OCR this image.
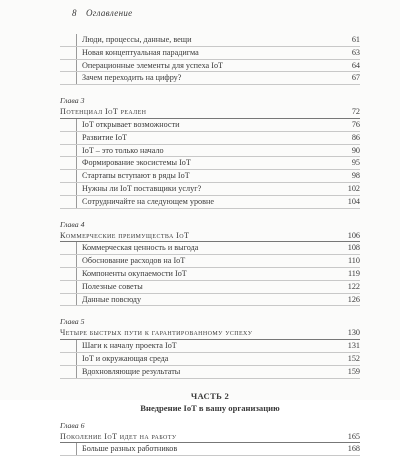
8 Оглавление
Люди, процессы, данные, вещи	61
Новая концептуальная парадигма	63
Операционные элементы для успеха IoT	64
Зачем переходить на цифру?	67
Глава 3
Потенциал IoT реален	72
IoT открывает возможности	76
Развитие IoT	86
IoT – это только начало	90
Формирование экосистемы IoT	95
Стартапы вступают в ряды IoT	98
Нужны ли IoT поставщики услуг?	102
Сотрудничайте на следующем уровне	104
Глава 4
Коммерческие преимущества IoT	106
Коммерческая ценность и выгода	108
Обоснование расходов на IoT	110
Компоненты окупаемости IoT	119
Полезные советы	122
Данные повсюду	126
Глава 5
Четыре быстрых пути к гарантированному успеху	130
Шаги к началу проекта IoT	131
IoT и окружающая среда	152
Вдохновляющие результаты	159
ЧАСТЬ 2
Внедрение IoT в вашу организацию
Глава 6
Поколение IoT идет на работу	165
Больше разных работников	168
